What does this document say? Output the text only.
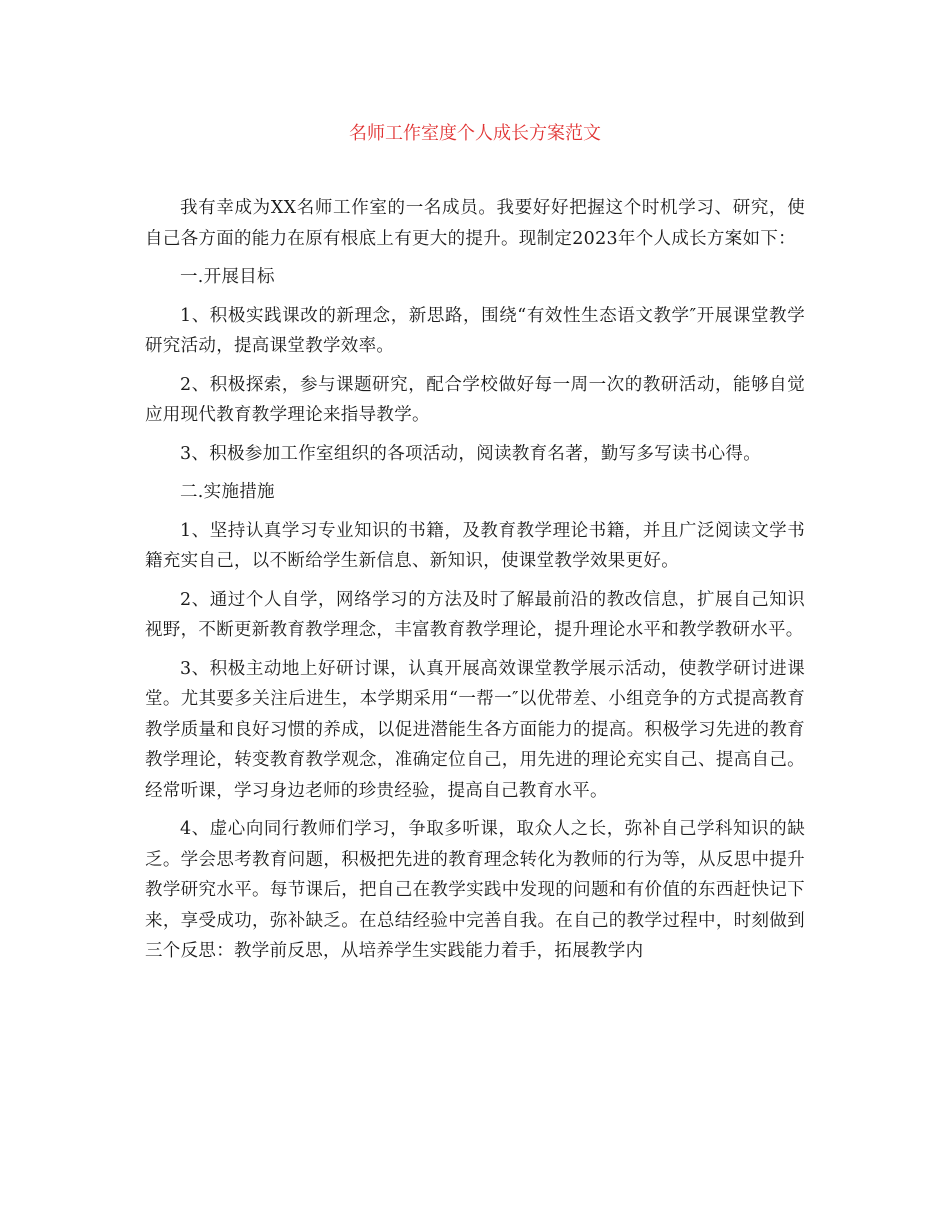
名师工作室度个人成长方案范文

我有幸成为XX名师工作室的一名成员。我要好好把握这个时机学习、研究，使自己各方面的能力在原有根底上有更大的提升。现制定2023年个人成长方案如下：

一.开展目标

1、积极实践课改的新理念，新思路，围绕“有效性生态语文教学″开展课堂教学研究活动，提高课堂教学效率。

2、积极探索，参与课题研究，配合学校做好每一周一次的教研活动，能够自觉应用现代教育教学理论来指导教学。

3、积极参加工作室组织的各项活动，阅读教育名著，勤写多写读书心得。

二.实施措施

1、坚持认真学习专业知识的书籍，及教育教学理论书籍，并且广泛阅读文学书籍充实自己，以不断给学生新信息、新知识，使课堂教学效果更好。

2、通过个人自学，网络学习的方法及时了解最前沿的教改信息，扩展自己知识视野，不断更新教育教学理念，丰富教育教学理论，提升理论水平和教学教研水平。

3、积极主动地上好研讨课，认真开展高效课堂教学展示活动，使教学研讨进课堂。尤其要多关注后进生，本学期采用“一帮一″以优带差、小组竞争的方式提高教育教学质量和良好习惯的养成，以促进潜能生各方面能力的提高。积极学习先进的教育教学理论，转变教育教学观念，准确定位自己，用先进的理论充实自己、提高自己。经常听课，学习身边老师的珍贵经验，提高自己教育水平。

4、虚心向同行教师们学习，争取多听课，取众人之长，弥补自己学科知识的缺乏。学会思考教育问题，积极把先进的教育理念转化为教师的行为等，从反思中提升教学研究水平。每节课后，把自己在教学实践中发现的问题和有价值的东西赶快记下来，享受成功，弥补缺乏。在总结经验中完善自我。在自己的教学过程中，时刻做到三个反思：教学前反思，从培养学生实践能力着手，拓展教学内
